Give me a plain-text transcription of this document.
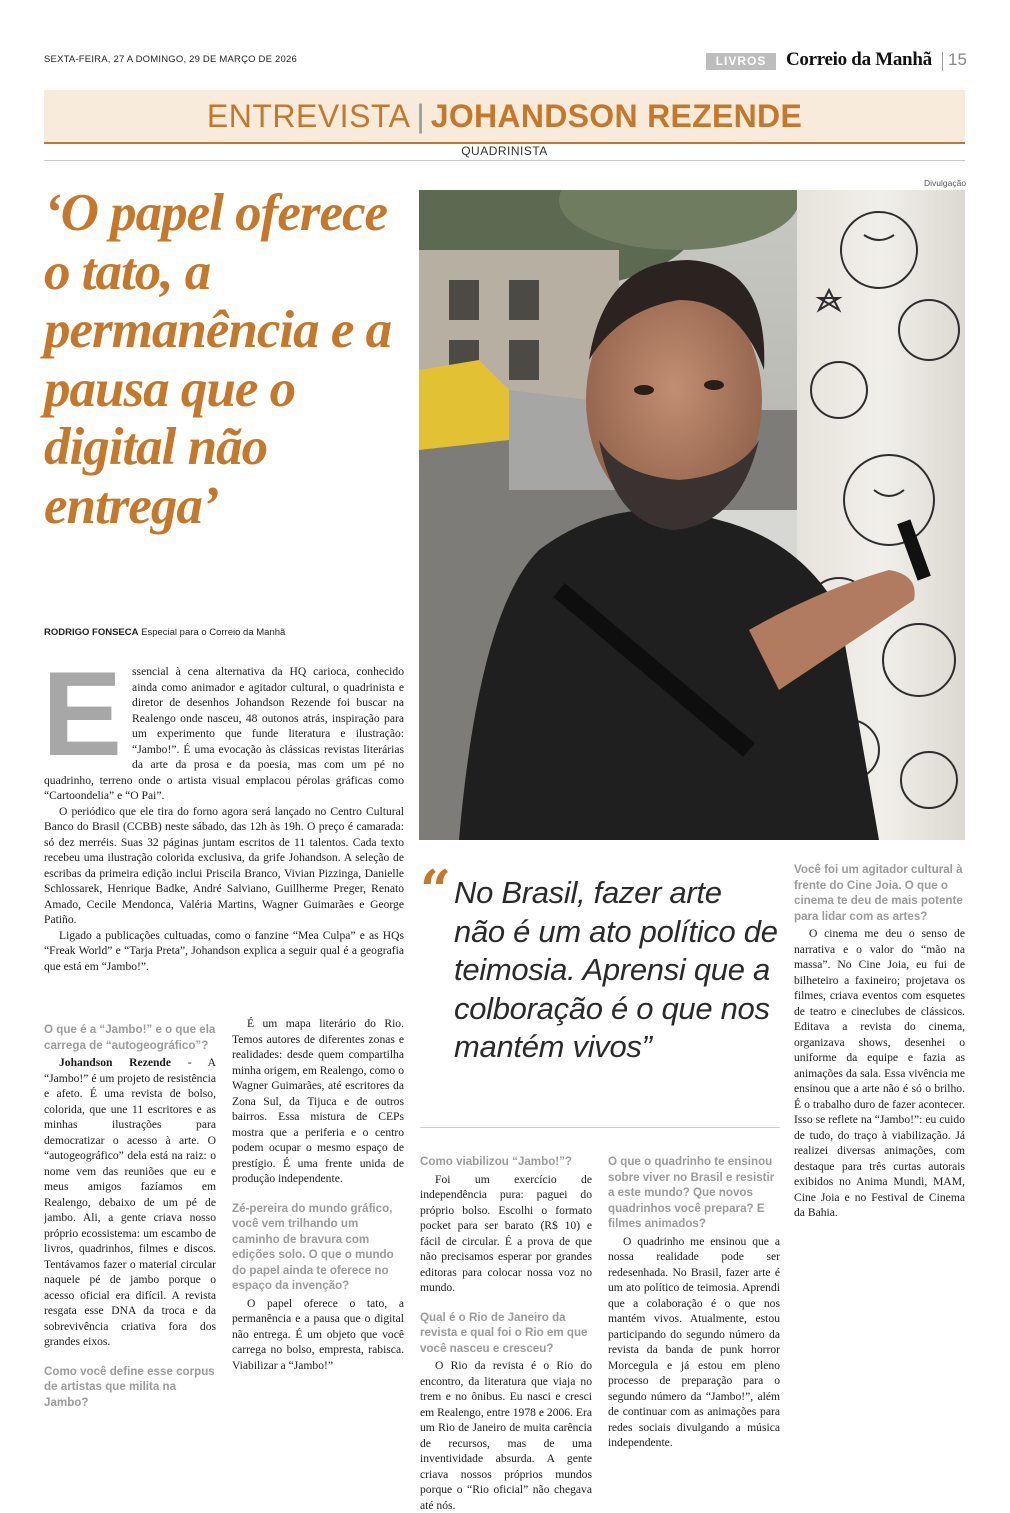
SEXTA-FEIRA, 27 A DOMINGO, 29 DE MARÇO DE 2026	LIVROS	Correio da Manhã 15
ENTREVISTA | JOHANDSON REZENDE
QUADRINISTA
‘O papel oferece o tato, a permanência e a pausa que o digital não entrega’
Divulgação
RODRIGO FONSECA Especial para o Correio da Manhã
E ssencial à cena alternativa da HQ carioca, conhecido ainda como animador e agitador cultural, o quadrinista e diretor de desenhos Johandson Rezende foi buscar na Realengo onde nasceu, 48 outonos atrás, inspiração para um experimento que funde literatura e ilustração: “Jambo!”. É uma evocação às clássicas revistas literárias da arte da prosa e da poesia, mas com um pé no quadrinho, terreno onde o artista visual emplacou pérolas gráficas como “Cartoondelia” e “O Pai”.

O periódico que ele tira do forno agora será lançado no Centro Cultural Banco do Brasil (CCBB) neste sábado, das 12h às 19h. O preço é camarada: só dez merréis. Suas 32 páginas juntam escritos de 11 talentos. Cada texto recebeu uma ilustração colorida exclusiva, da grife Johandson. A seleção de escribas da primeira edição inclui Priscila Branco, Vivian Pizzinga, Danielle Schlossarek, Henrique Badke, André Salviano, Guillherme Preger, Renato Amado, Cecile Mendonca, Valéria Martins, Wagner Guimarães e George Patiño.

Ligado a publicações cultuadas, como o fanzine “Mea Culpa” e as HQs “Freak World” e “Tarja Preta”, Johandson explica a seguir qual é a geografia que está em “Jambo!”.

O que é a “Jambo!” e o que ela carrega de “autogeográfico”?

Johandson Rezende - A “Jambo!” é um projeto de resistência e afeto. É uma revista de bolso, colorida, que une 11 escritores e as minhas ilustrações para democratizar o acesso à arte. O “autogeográfico” dela está na raiz: o nome vem das reuniões que eu e meus amigos fazíamos em Realengo, debaixo de um pé de jambo. Ali, a gente criava nosso próprio ecossistema: um escambo de livros, quadrinhos, filmes e discos. Tentávamos fazer o material circular naquele pé de jambo porque o acesso oficial era difícil. A revista resgata esse DNA da troca e da sobrevivência criativa fora dos grandes eixos.

Como você define esse corpus de artistas que milita na Jambo?

É um mapa literário do Rio. Temos autores de diferentes zonas e realidades: desde quem compartilha minha origem, em Realengo, como o Wagner Guimarães, até escritores da Zona Sul, da Tijuca e de outros bairros. Essa mistura de CEPs mostra que a periferia e o centro podem ocupar o mesmo espaço de prestígio. É uma frente unida de produção independente.

Zé-pereira do mundo gráfico, você vem trilhando um caminho de bravura com edições solo. O que o mundo do papel ainda te oferece no espaço da invenção?

O papel oferece o tato, a permanência e a pausa que o digital não entrega. É um objeto que você carrega no bolso, empresta, rabisca. Viabilizar a “Jambo!”

“ No Brasil, fazer arte não é um ato político de teimosia. Aprensi que a colboração é o que nos mantém vivos”
Como viabilizou “Jambo!”?

Foi um exercício de independência pura: paguei do próprio bolso. Escolhi o formato pocket para ser barato (R$ 10) e fácil de circular. É a prova de que não precisamos esperar por grandes editoras para colocar nossa voz no mundo.

Qual é o Rio de Janeiro da revista e qual foi o Rio em que você nasceu e cresceu?

O Rio da revista é o Rio do encontro, da literatura que viaja no trem e no ônibus. Eu nasci e cresci em Realengo, entre 1978 e 2006. Era um Rio de Janeiro de muita carência de recursos, mas de uma inventividade absurda. A gente criava nossos próprios mundos porque o “Rio oficial” não chegava até nós.

O que o quadrinho te ensinou sobre viver no Brasil e resistir a este mundo? Que novos quadrinhos você prepara? E filmes animados?

O quadrinho me ensinou que a nossa realidade pode ser redesenhada. No Brasil, fazer arte é um ato político de teimosia. Aprendi que a colaboração é o que nos mantém vivos. Atualmente, estou participando do segundo número da revista da banda de punk horror Morcegula e já estou em pleno processo de preparação para o segundo número da “Jambo!”, além de continuar com as animações para redes sociais divulgando a música independente.

Você foi um agitador cultural à frente do Cine Joia. O que o cinema te deu de mais potente para lidar com as artes?

O cinema me deu o senso de narrativa e o valor do “mão na massa”. No Cine Joia, eu fui de bilheteiro a faxineiro; projetava os filmes, criava eventos com esquetes de teatro e cineclubes de clássicos. Editava a revista do cinema, organizava shows, desenhei o uniforme da equipe e fazia as animações da sala. Essa vivência me ensinou que a arte não é só o brilho. É o trabalho duro de fazer acontecer. Isso se reflete na “Jambo!”: eu cuido de tudo, do traço à viabilização. Já realizei diversas animações, com destaque para três curtas autorais exibidos no Anima Mundi, MAM, Cine Joia e no Festival de Cinema da Bahia.
